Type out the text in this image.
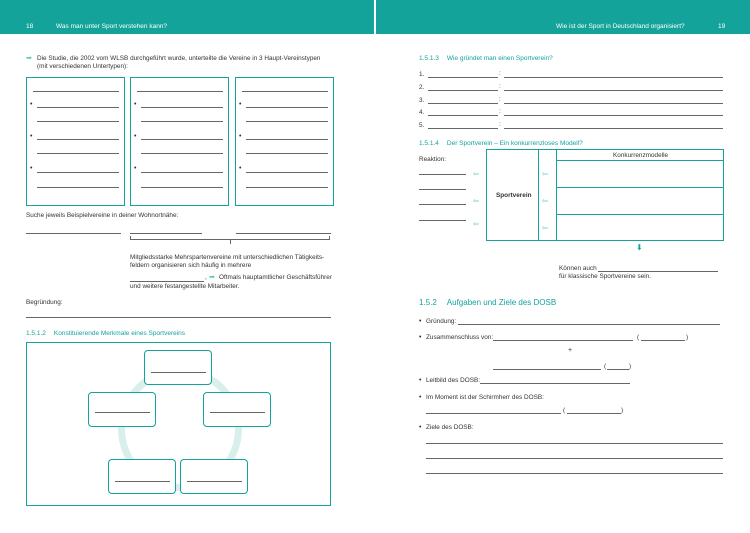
18	Was man unter Sport verstehen kann?	Wie ist der Sport in Deutschland organisiert?	19
➡ Die Studie, die 2002 vom WLSB durchgeführt wurde, unterteilte die Vereine in 3 Haupt-Vereinstypen
(mit verschiedenen Untertypen):
•
•
•
•
•
•
•
•
•
Suche jeweils Beispielvereine in deiner Wohnortnähe:
Mitgliedsstarke Mehrspartenvereine mit unterschiedlichen Tätigkeits-
feldern organisieren sich häufig in mehrere
, ➡ Oftmals hauptamtlicher Geschäftsführer
und weitere festangestellte Mitarbeiter.
Begründung:
1.5.1.2 Konstituierende Merkmale eines Sportvereins
1.5.1.3 Wie gründet man einen Sportverein?
1.	:
2.	:
3.	:
4.	:
5.	:
1.5.1.4 Der Sportverein – Ein konkurrenzloses Modell?
Reaktion:
Konkurrenzmodelle
Sportverein
⇦
⇦
⇦
⇦
⇦
⇦
⬇
Können auch
für klassische Sportvereine sein.
1.5.2 Aufgaben und Ziele des DOSB
• Gründung:
• Zusammenschluss von:	(	)
+
(	)
• Leitbild des DOSB:
• Im Moment ist der Schirmherr des DOSB:
(	)
• Ziele des DOSB:
